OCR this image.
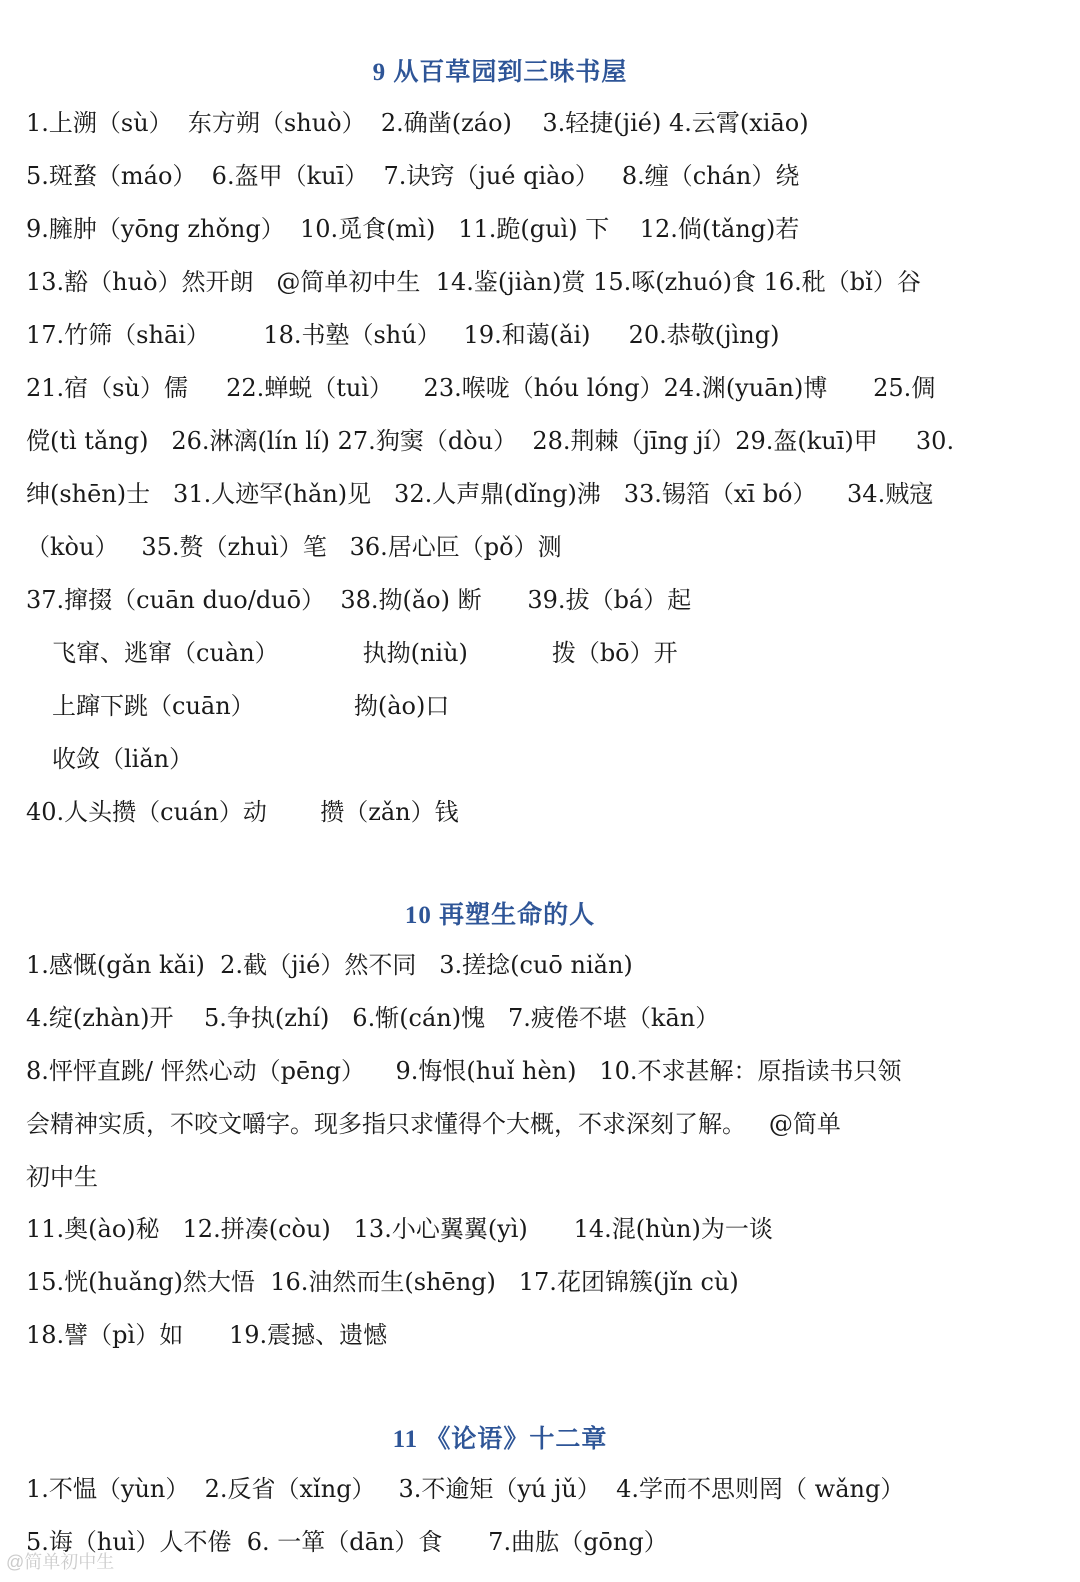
9 从百草园到三味书屋
1.上溯（sù）  东方朔（shuò）  2.确凿(záo)    3.轻捷(jié) 4.云霄(xiāo)
5.斑蝥（máo）  6.盔甲（kuī）  7.诀窍（jué qiào）   8.缠（chán）绕
9.臃肿（yōng zhǒng）  10.觅食(mì)   11.跪(guì) 下    12.倘(tǎng)若
13.豁（huò）然开朗   @简单初中生  14.鉴(jiàn)赏 15.啄(zhuó)食 16.秕（bǐ）谷
17.竹筛（shāi）       18.书塾（shú）   19.和蔼(ǎi)     20.恭敬(jìng)
21.宿（sù）儒     22.蝉蜕（tuì）    23.喉咙（hóu lóng）24.渊(yuān)博      25.倜
傥(tì tǎng)   26.淋漓(lín lí) 27.狗窦（dòu）  28.荆棘（jīng jí）29.盔(kuī)甲     30.
绅(shēn)士   31.人迹罕(hǎn)见   32.人声鼎(dǐng)沸   33.锡箔（xī bó）    34.贼寇
（kòu）   35.赘（zhuì）笔   36.居心叵（pǒ）测
37.撺掇（cuān duo/duō）  38.拗(ǎo) 断      39.拔（bá）起
飞窜、逃窜（cuàn）           执拗(niù)           拨（bō）开
上蹿下跳（cuān）             拗(ào)口
收敛（liǎn）
40.人头攒（cuán）动       攒（zǎn）钱
10 再塑生命的人
1.感慨(gǎn kǎi)  2.截（jié）然不同   3.搓捻(cuō niǎn)
4.绽(zhàn)开    5.争执(zhí)   6.惭(cán)愧   7.疲倦不堪（kān）
8.怦怦直跳/ 怦然心动（pēng）    9.悔恨(huǐ hèn)   10.不求甚解：原指读书只领
会精神实质，不咬文嚼字。现多指只求懂得个大概，不求深刻了解。   @简单
初中生
11.奥(ào)秘   12.拼凑(còu)   13.小心翼翼(yì)      14.混(hùn)为一谈
15.恍(huǎng)然大悟  16.油然而生(shēng)   17.花团锦簇(jǐn cù)
18.譬（pì）如      19.震撼、遗憾
11 《论语》十二章
1.不愠（yùn）  2.反省（xǐng）   3.不逾矩（yú jǔ）  4.学而不思则罔（ wǎng）
5.诲（huì）人不倦  6. 一箪（dān）食      7.曲肱（gōng）
@简单初中生
